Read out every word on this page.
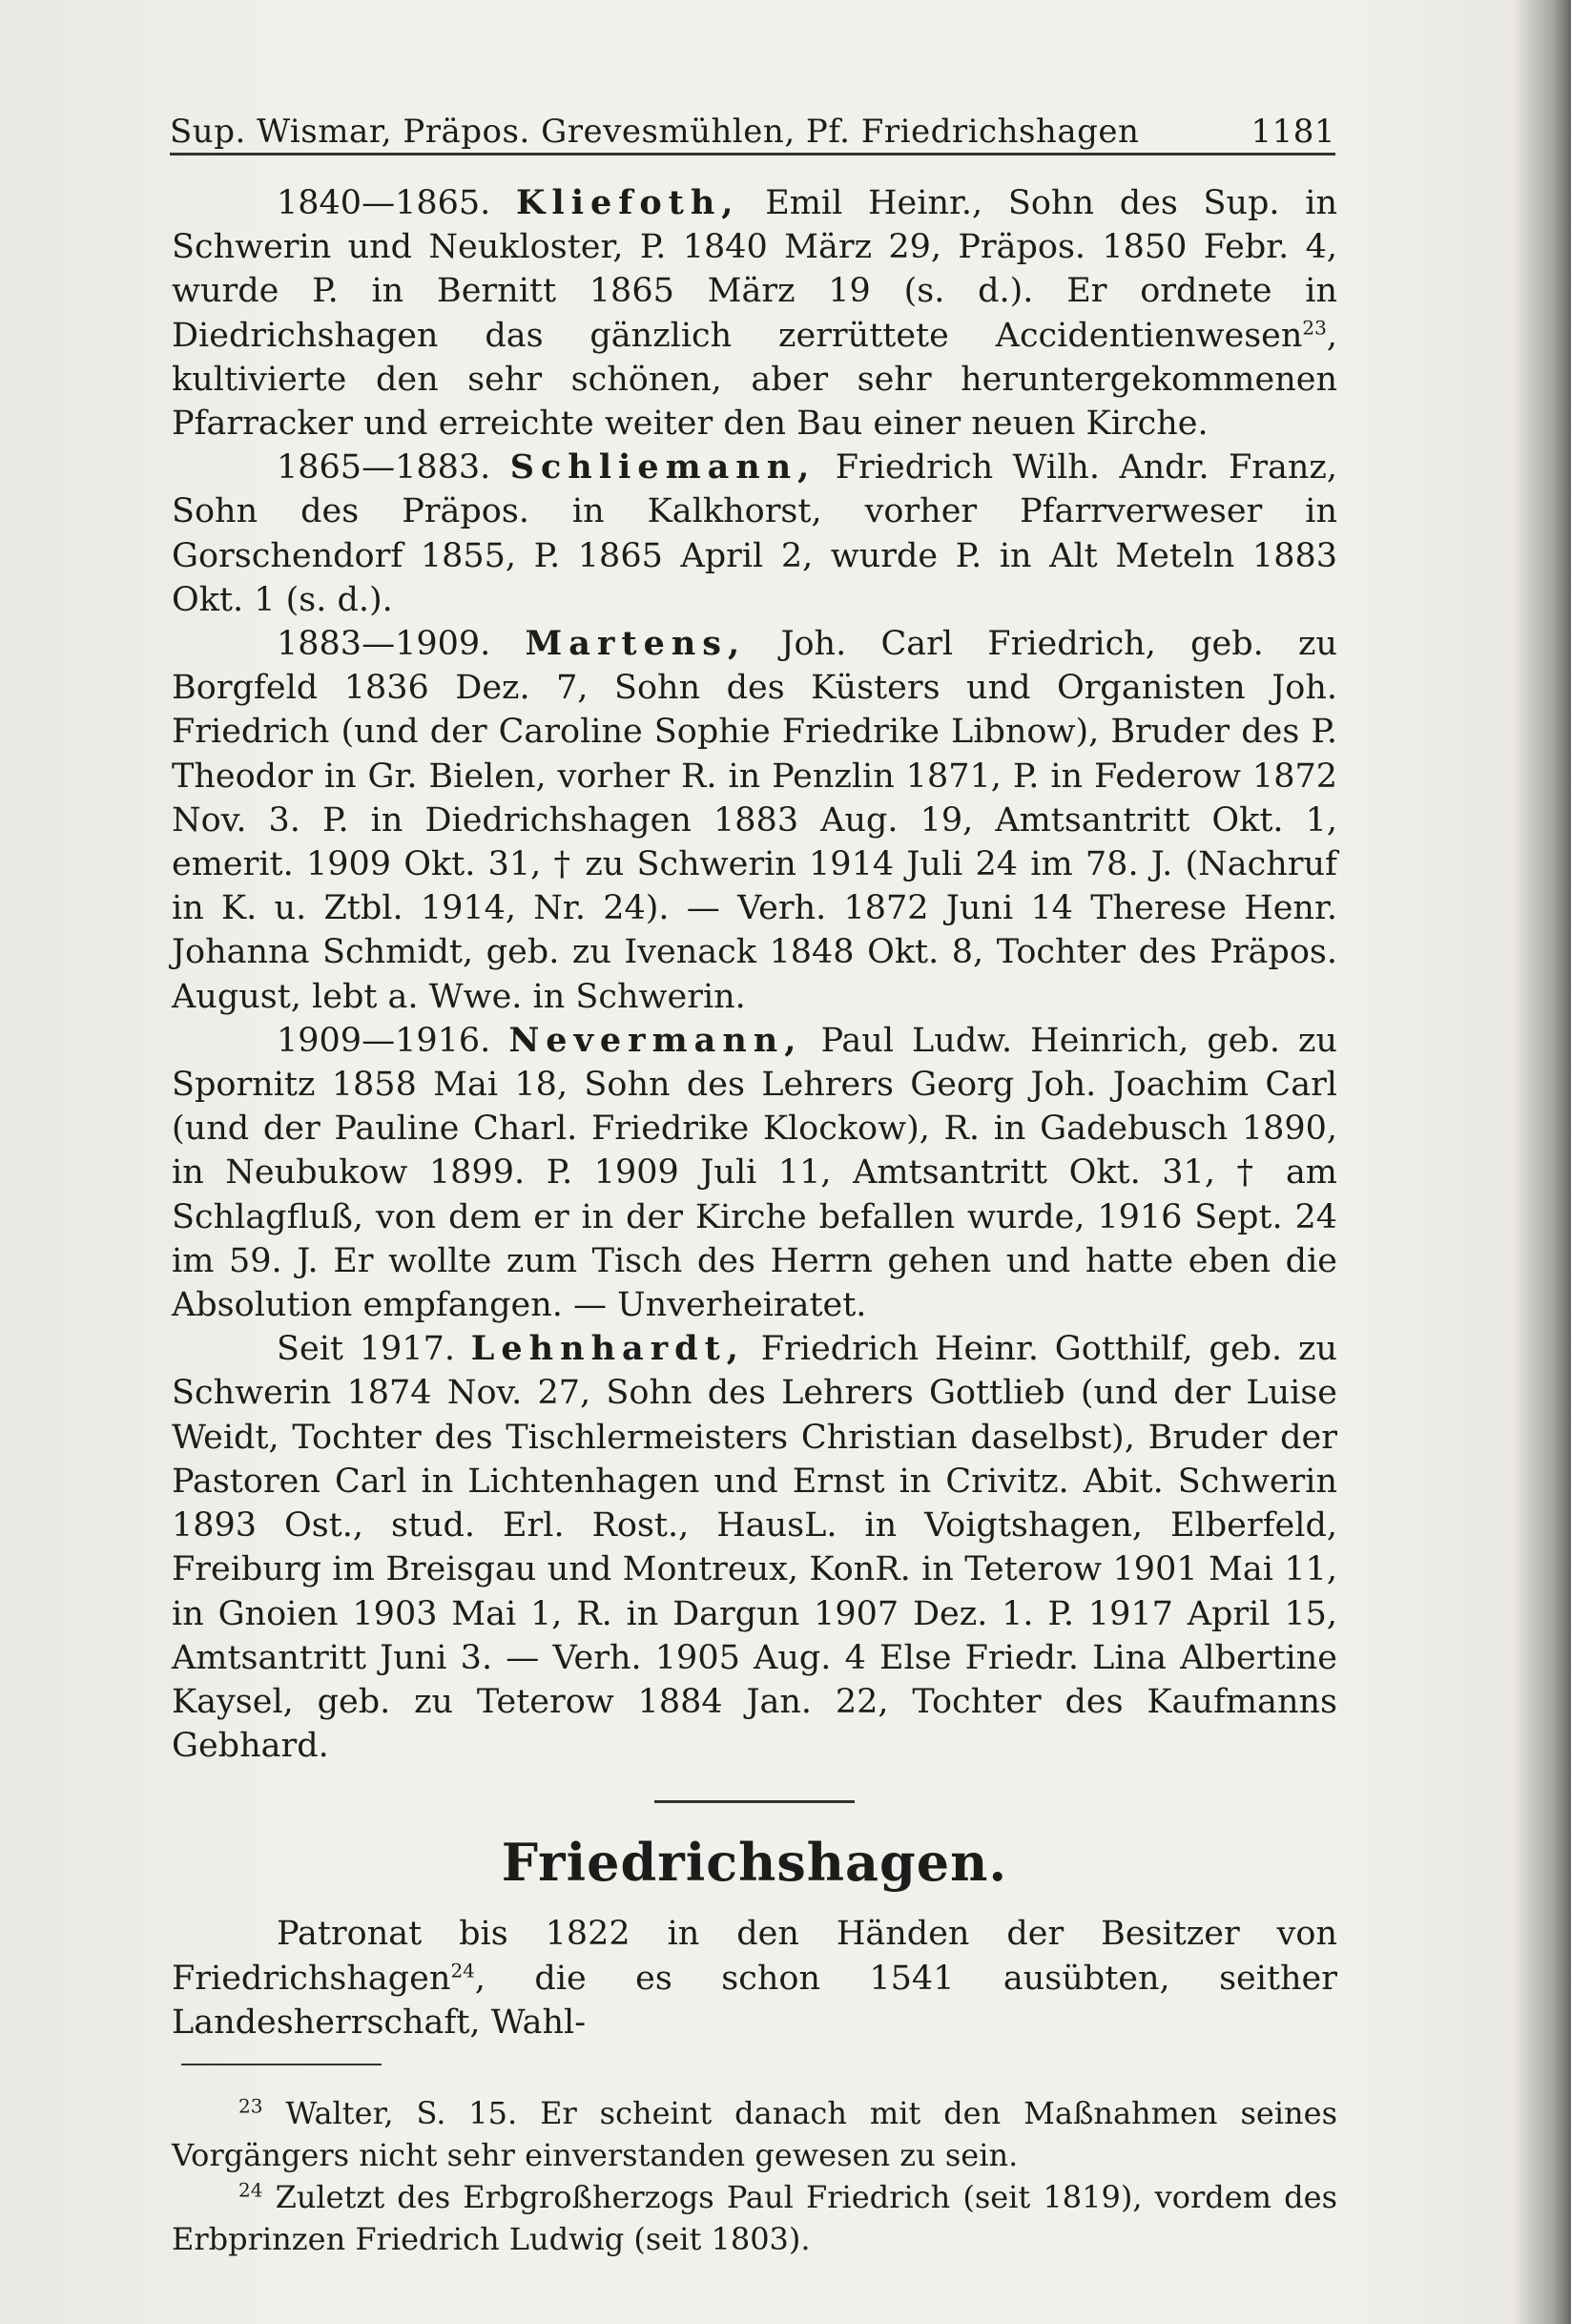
Sup. Wismar, Präpos. Grevesmühlen, Pf. Friedrichshagen	1181

1840—1865. Kliefoth, Emil Heinr., Sohn des Sup. in Schwerin und Neukloster, P. 1840 März 29, Präpos. 1850 Febr. 4, wurde P. in Bernitt 1865 März 19 (s. d.). Er ordnete in Diedrichshagen das gänzlich zerrüttete Accidentienwesen$^{23}$, kultivierte den sehr schönen, aber sehr heruntergekommenen Pfarracker und erreichte weiter den Bau einer neuen Kirche.

1865—1883. Schliemann, Friedrich Wilh. Andr. Franz, Sohn des Präpos. in Kalkhorst, vorher Pfarrverweser in Gorschendorf 1855, P. 1865 April 2, wurde P. in Alt Meteln 1883 Okt. 1 (s. d.).

1883—1909. Martens, Joh. Carl Friedrich, geb. zu Borgfeld 1836 Dez. 7, Sohn des Küsters und Organisten Joh. Friedrich (und der Caroline Sophie Friedrike Libnow), Bruder des P. Theodor in Gr. Bielen, vorher R. in Penzlin 1871, P. in Federow 1872 Nov. 3. P. in Diedrichshagen 1883 Aug. 19, Amtsantritt Okt. 1, emerit. 1909 Okt. 31, † zu Schwerin 1914 Juli 24 im 78. J. (Nachruf in K. u. Ztbl. 1914, Nr. 24). — Verh. 1872 Juni 14 Therese Henr. Johanna Schmidt, geb. zu Ivenack 1848 Okt. 8, Tochter des Präpos. August, lebt a. Wwe. in Schwerin.

1909—1916. Nevermann, Paul Ludw. Heinrich, geb. zu Spornitz 1858 Mai 18, Sohn des Lehrers Georg Joh. Joachim Carl (und der Pauline Charl. Friedrike Klockow), R. in Gadebusch 1890, in Neubukow 1899. P. 1909 Juli 11, Amtsantritt Okt. 31, † am Schlagfluß, von dem er in der Kirche befallen wurde, 1916 Sept. 24 im 59. J. Er wollte zum Tisch des Herrn gehen und hatte eben die Absolution empfangen. — Unverheiratet.

Seit 1917. Lehnhardt, Friedrich Heinr. Gotthilf, geb. zu Schwerin 1874 Nov. 27, Sohn des Lehrers Gottlieb (und der Luise Weidt, Tochter des Tischlermeisters Christian daselbst), Bruder der Pastoren Carl in Lichtenhagen und Ernst in Crivitz. Abit. Schwerin 1893 Ost., stud. Erl. Rost., HausL. in Voigtshagen, Elberfeld, Freiburg im Breisgau und Montreux, KonR. in Teterow 1901 Mai 11, in Gnoien 1903 Mai 1, R. in Dargun 1907 Dez. 1. P. 1917 April 15, Amtsantritt Juni 3. — Verh. 1905 Aug. 4 Else Friedr. Lina Albertine Kaysel, geb. zu Teterow 1884 Jan. 22, Tochter des Kaufmanns Gebhard.

Friedrichshagen.

Patronat bis 1822 in den Händen der Besitzer von Friedrichshagen$^{24}$, die es schon 1541 ausübten, seither Landesherrschaft, Wahl-

$^{23}$ Walter, S. 15. Er scheint danach mit den Maßnahmen seines Vorgängers nicht sehr einverstanden gewesen zu sein.

$^{24}$ Zuletzt des Erbgroßherzogs Paul Friedrich (seit 1819), vordem des Erbprinzen Friedrich Ludwig (seit 1803).
